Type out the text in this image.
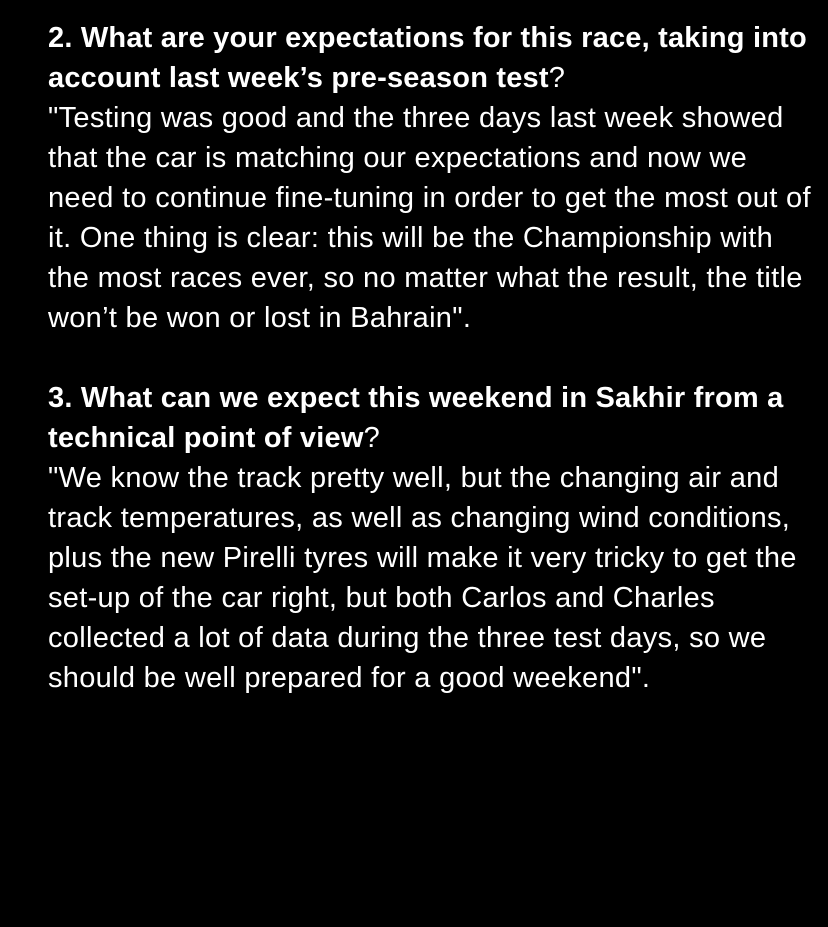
2. What are your expectations for this race, taking into account last week’s pre-season test?

"Testing was good and the three days last week showed that the car is matching our expectations and now we need to continue fine-tuning in order to get the most out of it. One thing is clear: this will be the Championship with the most races ever, so no matter what the result, the title won’t be won or lost in Bahrain".

3. What can we expect this weekend in Sakhir from a technical point of view?

"We know the track pretty well, but the changing air and track temperatures, as well as changing wind conditions, plus the new Pirelli tyres will make it very tricky to get the set-up of the car right, but both Carlos and Charles collected a lot of data during the three test days, so we should be well prepared for a good weekend".
